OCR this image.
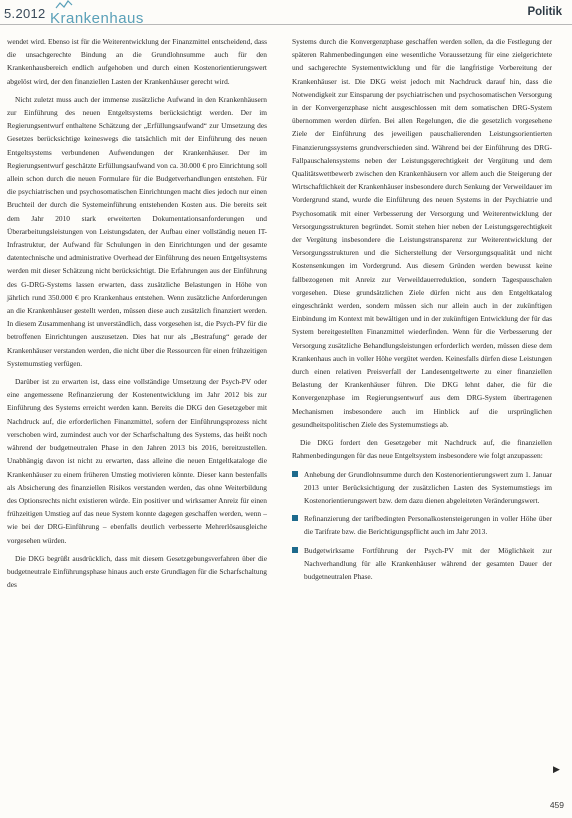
5.2012 Krankenhaus	Politik

wendet wird. Ebenso ist für die Weiterentwicklung der Finanzmittel entscheidend, dass die unsachgerechte Bindung an die Grundlohnsumme auch für den Krankenhausbereich endlich aufgehoben und durch einen Kostenorientierungswert abgelöst wird, der den finanziellen Lasten der Krankenhäuser gerecht wird.

Nicht zuletzt muss auch der immense zusätzliche Aufwand in den Krankenhäusern zur Einführung des neuen Entgeltsystems berücksichtigt werden. Der im Regierungsentwurf enthaltene Schätzung der „Erfüllungsaufwand“ zur Umsetzung des Gesetzes berücksichtige keineswegs die tatsächlich mit der Einführung des neuen Entgeltsystems verbundenen Aufwendungen der Krankenhäuser. Der im Regierungsentwurf geschätzte Erfüllungsaufwand von ca. 30.000 € pro Einrichtung soll allein schon durch die neuen Formulare für die Budgetverhandlungen entstehen. Für die psychiatrischen und psychosomatischen Einrichtungen macht dies jedoch nur einen Bruchteil der durch die Systemeinführung entstehenden Kosten aus. Die bereits seit dem Jahr 2010 stark erweiterten Dokumentationsanforderungen und Überarbeitungsleistungen von Leistungsdaten, der Aufbau einer vollständig neuen IT-Infrastruktur, der Aufwand für Schulungen in den Einrichtungen und der gesamte datentechnische und administrative Overhead der Einführung des neuen Entgeltsystems werden mit dieser Schätzung nicht berücksichtigt. Die Erfahrungen aus der Einführung des G-DRG-Systems lassen erwarten, dass zusätzliche Belastungen in Höhe von jährlich rund 350.000 € pro Krankenhaus entstehen. Wenn zusätzliche Anforderungen an die Krankenhäuser gestellt werden, müssen diese auch zusätzlich finanziert werden. In diesem Zusammenhang ist unverständlich, dass vorgesehen ist, die Psych-PV für die betroffenen Einrichtungen auszusetzen. Dies hat nur als „Bestrafung“ gerade der Krankenhäuser verstanden werden, die nicht über die Ressourcen für einen frühzeitigen Systemumstieg verfügen.

Darüber ist zu erwarten ist, dass eine vollständige Umsetzung der Psych-PV oder eine angemessene Refinanzierung der Kostenentwicklung im Jahr 2012 bis zur Einführung des Systems erreicht werden kann. Bereits die DKG den Gesetzgeber mit Nachdruck auf, die erforderlichen Finanzmittel, sofern der Einführungsprozess nicht verschoben wird, zumindest auch vor der Scharfschaltung des Systems, das heißt noch während der budgetneutralen Phase in den Jahren 2013 bis 2016, bereitzustellen. Unabhängig davon ist nicht zu erwarten, dass alleine die neuen Entgeltkataloge die Krankenhäuser zu einem früheren Umstieg motivieren könnte. Dieser kann bestenfalls als Absicherung des finanziellen Risikos verstanden werden, das ohne Weiterbildung des Optionsrechts nicht existieren würde. Ein positiver und wirksamer Anreiz für einen frühzeitigen Umstieg auf das neue System konnte dagegen geschaffen werden, wenn – wie bei der DRG-Einführung – ebenfalls deutlich verbesserte Mehrerlösausgleiche vorgesehen würden.

Die DKG begrüßt ausdrücklich, dass mit diesem Gesetzgebungsverfahren über die budgetneutrale Einführungsphase hinaus auch erste Grundlagen für die Scharfschaltung des

Systems durch die Konvergenzphase geschaffen werden sollen, da die Festlegung der späteren Rahmenbedingungen eine wesentliche Voraussetzung für eine zielgerichtete und sachgerechte Systementwicklung und für die langfristige Vorbereitung der Krankenhäuser ist. Die DKG weist jedoch mit Nachdruck darauf hin, dass die Notwendigkeit zur Einsparung der psychiatrischen und psychosomatischen Versorgung in der Konvergenzphase nicht ausgeschlossen mit dem somatischen DRG-System übernommen werden dürfen. Bei allen Regelungen, die die gesetzlich vorgesehene Ziele der Einführung des jeweiligen pauschalierenden Leistungsorientierten Finanzierungssystems grundverschieden sind. Während bei der Einführung des DRG-Fallpauschalensystems neben der Leistungsgerechtigkeit der Vergütung und dem Qualitätswettbewerb zwischen den Krankenhäusern vor allem auch die Steigerung der Wirtschaftlichkeit der Krankenhäuser insbesondere durch Senkung der Verweildauer im Vordergrund stand, wurde die Einführung des neuen Systems in der Psychiatrie und Psychosomatik mit einer Verbesserung der Versorgung und Weiterentwicklung der Versorgungsstrukturen begründet. Somit stehen hier neben der Leistungsgerechtigkeit der Vergütung insbesondere die Leistungstransparenz zur Weiterentwicklung der Versorgungsstrukturen und die Sicherstellung der Versorgungsqualität und nicht Kostensenkungen im Vordergrund. Aus diesem Gründen werden bewusst keine fallbezogenen mit Anreiz zur Verweildauerreduktion, sondern Tagespauschalen vorgesehen. Diese grundsätzlichen Ziele dürfen nicht aus den Entgeltkatalog eingeschränkt werden, sondern müssen sich nur allein auch in der zukünftigen Einbindung im Kontext mit bewältigen und in der zukünftigen Entwicklung der für das System bereitgestellten Finanzmittel wiederfinden. Wenn für die Verbesserung der Versorgung zusätzliche Behandlungsleistungen erforderlich werden, müssen diese dem Krankenhaus auch in voller Höhe vergütet werden. Keinesfalls dürfen diese Leistungen durch einen relativen Preisverfall der Landesentgeltwerte zu einer finanziellen Belastung der Krankenhäuser führen. Die DKG lehnt daher, die für die Konvergenzphase im Regierungsentwurf aus dem DRG-System übertragenen Mechanismen insbesondere auch im Hinblick auf die ursprünglichen gesundheitspolitischen Ziele des Systemumstiegs ab.

Die DKG fordert den Gesetzgeber mit Nachdruck auf, die finanziellen Rahmenbedingungen für das neue Entgeltsystem insbesondere wie folgt anzupassen:

Anhebung der Grundlohnsumme durch den Kostenorientierungswert zum 1. Januar 2013 unter Berücksichtigung der zusätzlichen Lasten des Systemumstiegs im Kostenorientierungswert bzw. dem dazu dienen abgeleiteten Veränderungswert.
Refinanzierung der tarifbedingten Personalkostensteigerungen in voller Höhe über die Tarifrate bzw. die Berichtigungspflicht auch im Jahr 2013.
Budgetwirksame Fortführung der Psych-PV mit der Möglichkeit zur Nachverhandlung für alle Krankenhäuser während der gesamten Dauer der budgetneutralen Phase.
▶
459
